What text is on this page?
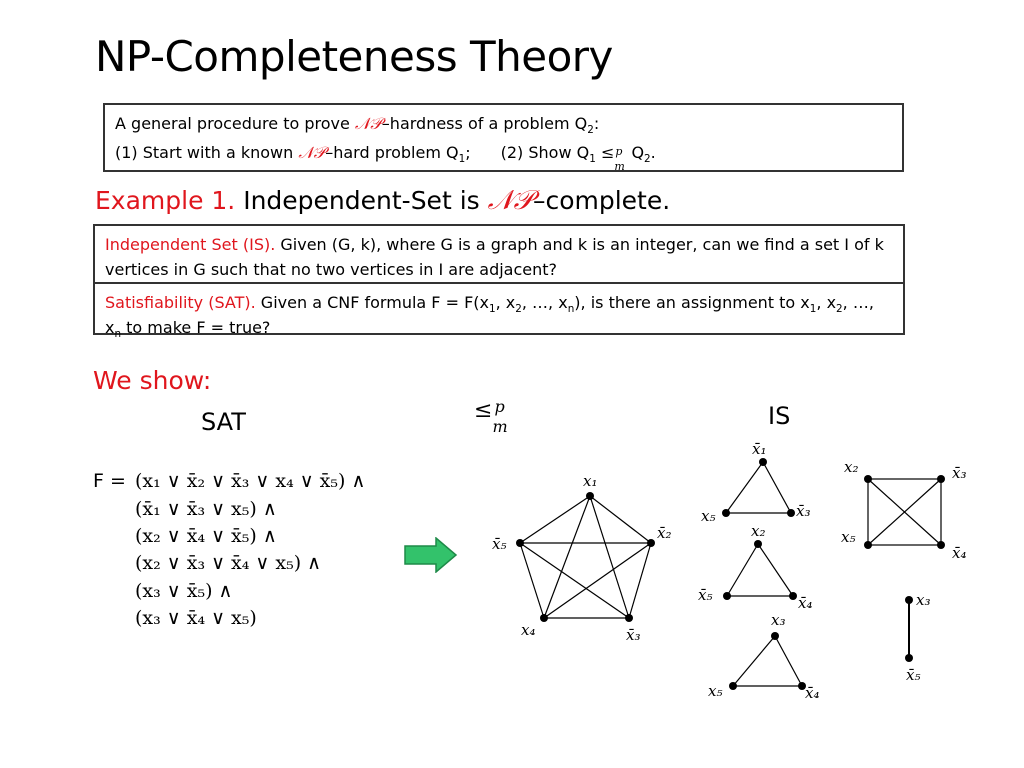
NP-Completeness Theory
A general procedure to prove 𝒩𝒫–hardness of a problem $Q_2$:
(1) Start with a known 𝒩𝒫–hard problem $Q_1$; (2) Show $Q_1 \le p$
m
$Q_2$.
Example 1. Independent-Set is 𝒩𝒫–complete.
Independent Set (IS). Given (G, k), where G is a graph and k is an integer, can we find a set I of k vertices in G such that no two vertices in I are adjacent?
Satisfiability (SAT). Given a CNF formula $F = F(x_1$, $x_2$, …, $x_n$), is there an assignment to $x_1$, $x_2$, …, $x_n$ to make F = true?
We show:
SAT	IS
≤ p
m
F = (x₁ ∨ x̄₂ ∨ x̄₃ ∨ x₄ ∨ x̄₅) ∧
(x̄₁ ∨ x̄₃ ∨ x₅) ∧
(x₂ ∨ x̄₄ ∨ x̄₅) ∧
(x₂ ∨ x̄₃ ∨ x̄₄ ∨ x₅) ∧
(x₃ ∨ x̄₅) ∧
(x₃ ∨ x̄₄ ∨ x₅)
x₁
x̄₂
x̄₃
x₄
x̄₅
x̄₁
x₅	x̄₃
x₂
x̄₅	x̄₄
x₃
x₅	x̄₄
x₂	x̄₃
x₅
x̄₄
x₃
x̄₅
